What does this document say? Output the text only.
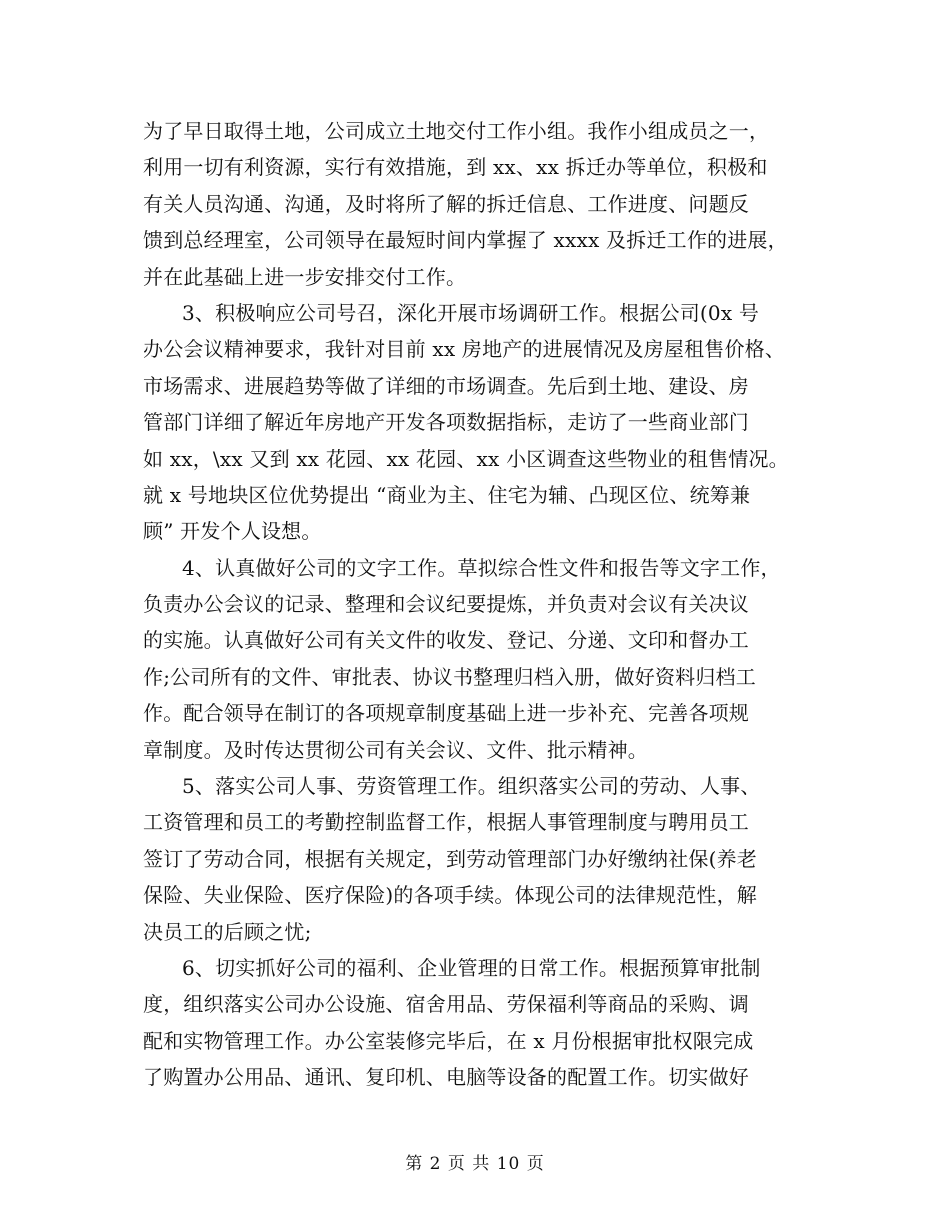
为了早日取得土地，公司成立土地交付工作小组。我作小组成员之一，
利用一切有利资源，实行有效措施，到 xx、xx 拆迁办等单位，积极和
有关人员沟通、沟通，及时将所了解的拆迁信息、工作进度、问题反
馈到总经理室，公司领导在最短时间内掌握了 xxxx 及拆迁工作的进展，
并在此基础上进一步安排交付工作。
3、积极响应公司号召，深化开展市场调研工作。根据公司(0x 号
办公会议精神要求，我针对目前 xx 房地产的进展情况及房屋租售价格、
市场需求、进展趋势等做了详细的市场调查。先后到土地、建设、房
管部门详细了解近年房地产开发各项数据指标，走访了一些商业部门
如 xx，\xx 又到 xx 花园、xx 花园、xx 小区调查这些物业的租售情况。
就 x 号地块区位优势提出 “商业为主、住宅为辅、凸现区位、统筹兼
顾” 开发个人设想。
4、认真做好公司的文字工作。草拟综合性文件和报告等文字工作，
负责办公会议的记录、整理和会议纪要提炼，并负责对会议有关决议
的实施。认真做好公司有关文件的收发、登记、分递、文印和督办工
作;公司所有的文件、审批表、协议书整理归档入册，做好资料归档工
作。配合领导在制订的各项规章制度基础上进一步补充、完善各项规
章制度。及时传达贯彻公司有关会议、文件、批示精神。
5、落实公司人事、劳资管理工作。组织落实公司的劳动、人事、
工资管理和员工的考勤控制监督工作，根据人事管理制度与聘用员工
签订了劳动合同，根据有关规定，到劳动管理部门办好缴纳社保(养老
保险、失业保险、医疗保险)的各项手续。体现公司的法律规范性，解
决员工的后顾之忧;
6、切实抓好公司的福利、企业管理的日常工作。根据预算审批制
度，组织落实公司办公设施、宿舍用品、劳保福利等商品的采购、调
配和实物管理工作。办公室装修完毕后，在 x 月份根据审批权限完成
了购置办公用品、通讯、复印机、电脑等设备的配置工作。切实做好
第 2 页 共 10 页
